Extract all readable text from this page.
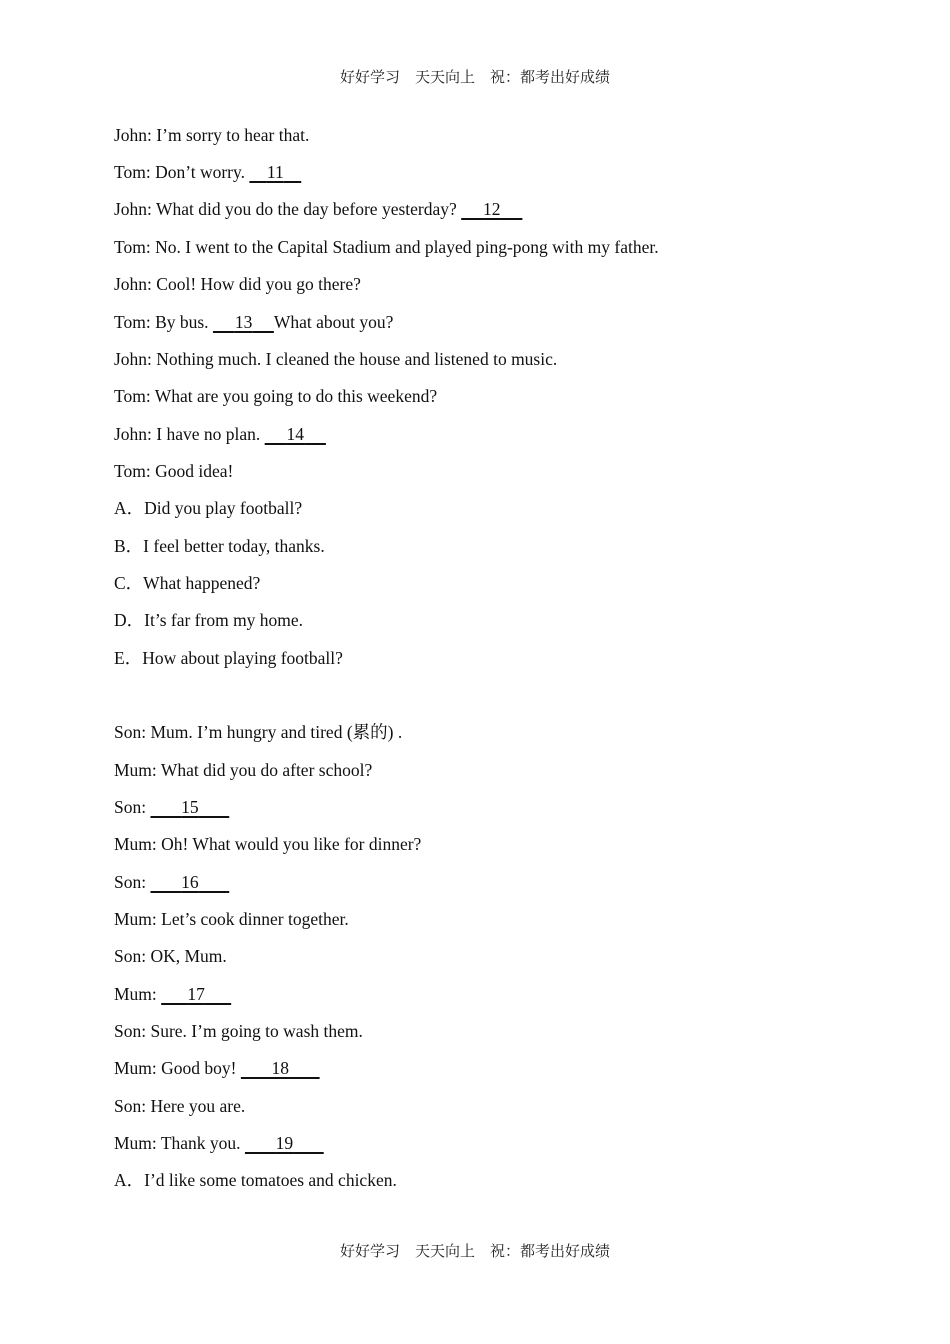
好好学习　天天向上　祝：都考出好成绩
John: I’m sorry to hear that.
Tom: Don’t worry.     11
John: What did you do the day before yesterday?      12
Tom: No. I went to the Capital Stadium and played ping-pong with my father.
John: Cool! How did you go there?
Tom: By bus.      13 What about you?
John: Nothing much. I cleaned the house and listened to music.
Tom: What are you going to do this weekend?
John: I have no plan.      14
Tom: Good idea!
A．Did you play football?
B．I feel better today, thanks.
C．What happened?
D．It’s far from my home.
E．How about playing football?
Son: Mum. I’m hungry and tired (累的) .
Mum: What did you do after school?
Son:        15
Mum: Oh! What would you like for dinner?
Son:        16
Mum: Let’s cook dinner together.
Son: OK, Mum.
Mum:       17
Son: Sure. I’m going to wash them.
Mum: Good boy!        18
Son: Here you are.
Mum: Thank you.        19
A．I’d like some tomatoes and chicken.
好好学习　天天向上　祝：都考出好成绩
